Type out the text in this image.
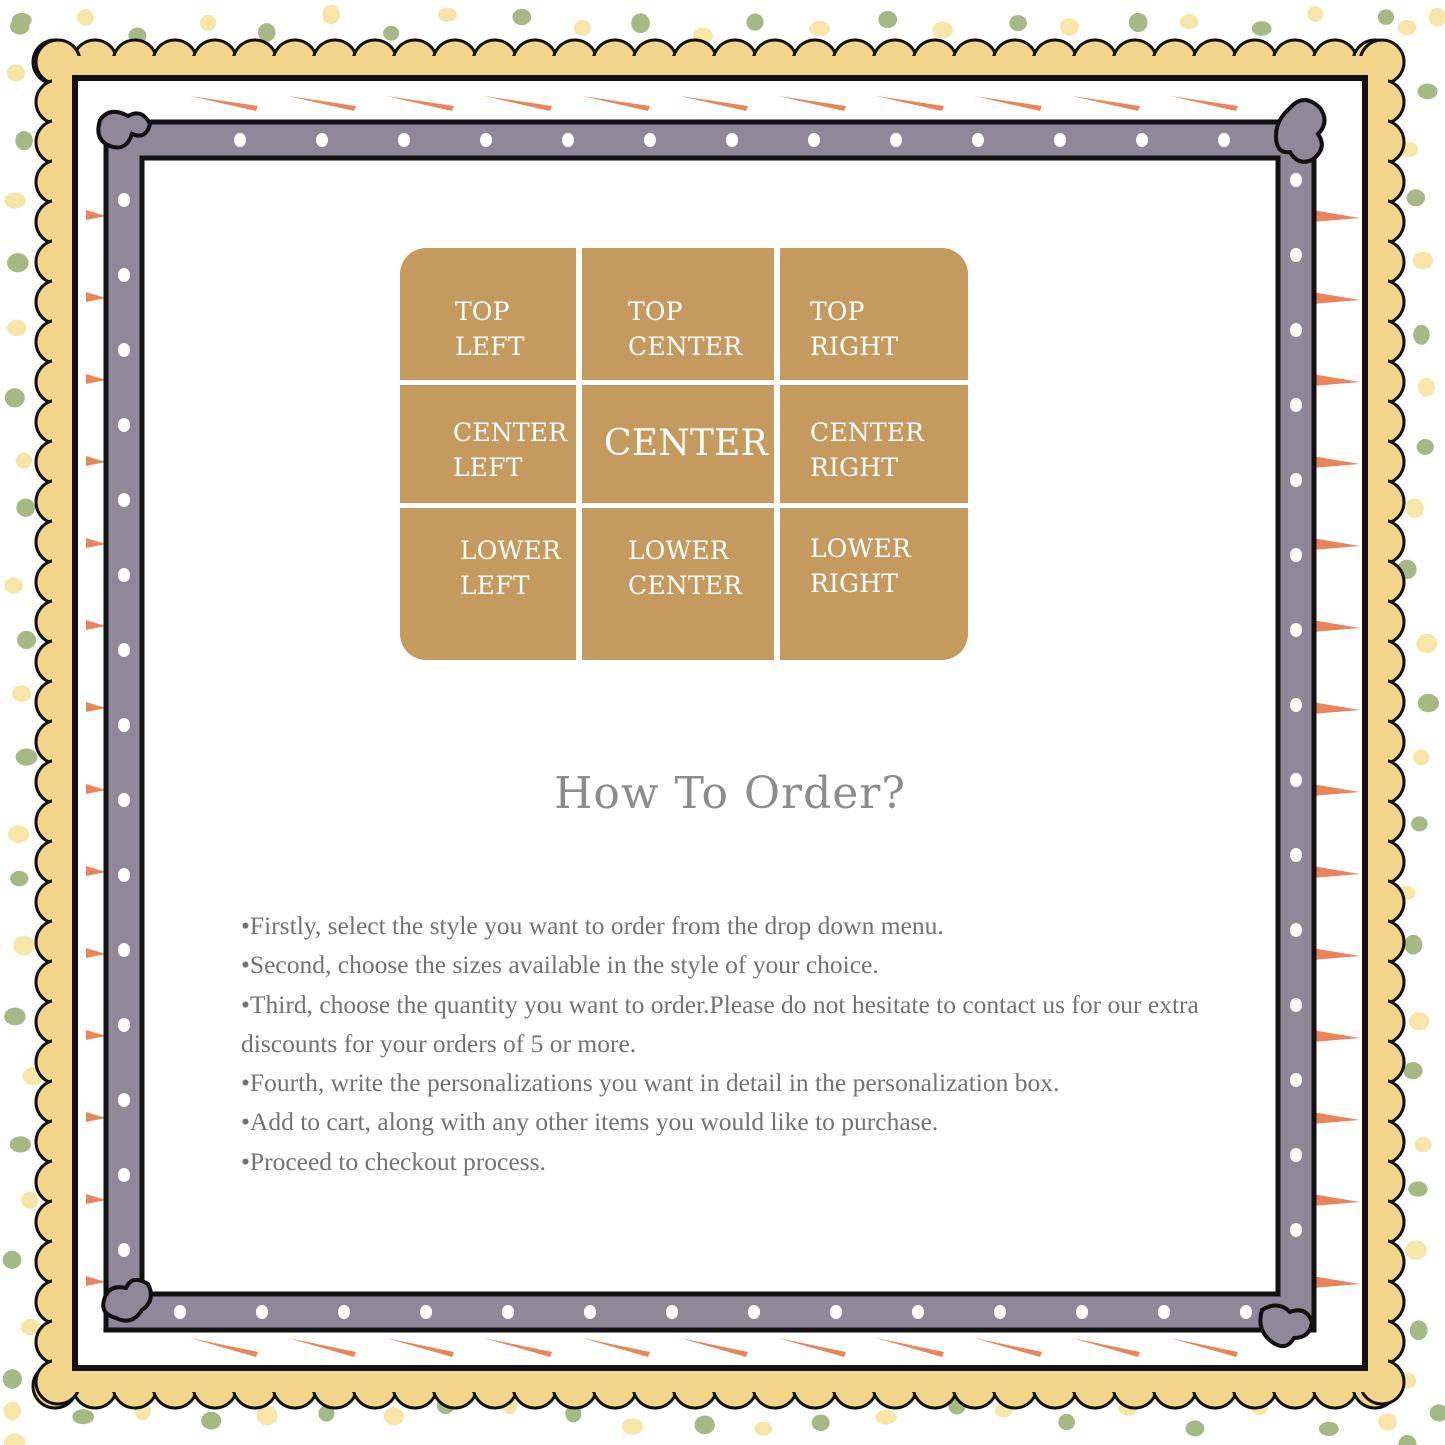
TOP
LEFT
TOP
CENTER
TOP
RIGHT
CENTER
LEFT
CENTER CENTER
RIGHT
LOWER
LEFT
LOWER
CENTER
LOWER
RIGHT
How To Order?

•Firstly, select the style you want to order from the drop down menu.

•Second, choose the sizes available in the style of your choice.

•Third, choose the quantity you want to order.Please do not hesitate to contact us for our extra discounts for your orders of 5 or more.

•Fourth, write the personalizations you want in detail in the personalization box.

•Add to cart, along with any other items you would like to purchase.

•Proceed to checkout process.
